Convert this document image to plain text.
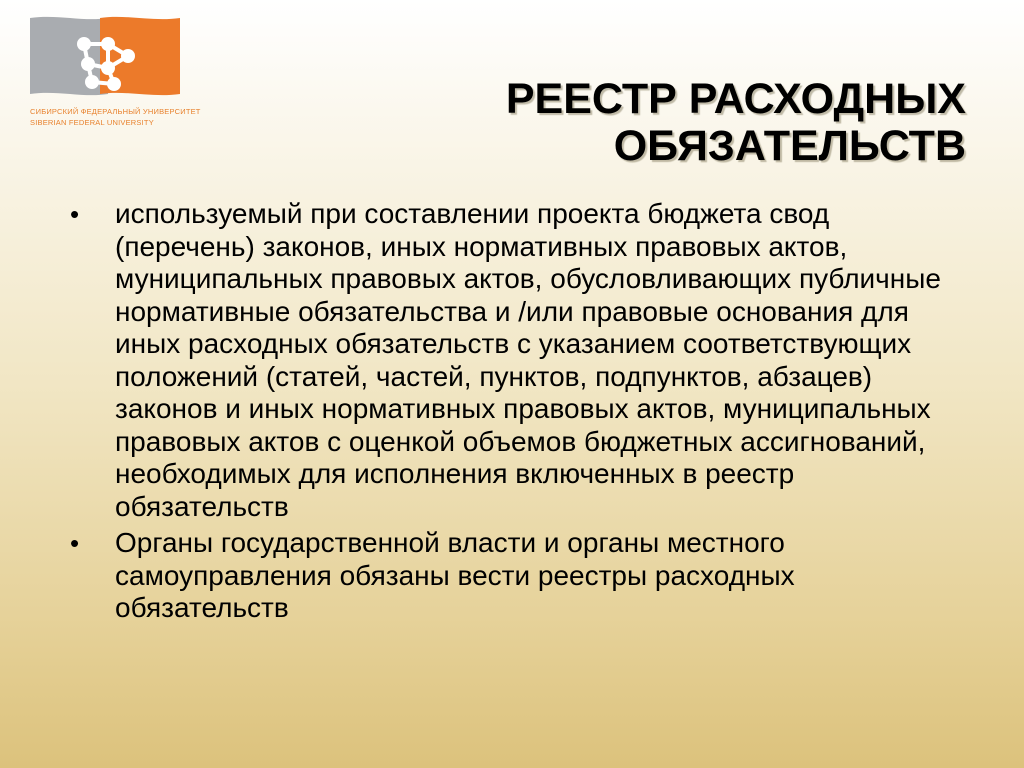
СИБИРСКИЙ ФЕДЕРАЛЬНЫЙ УНИВЕРСИТЕТ
SIBERIAN FEDERAL UNIVERSITY	РЕЕСТР РАСХОДНЫХ
ОБЯЗАТЕЛЬСТВ
•	используемый при составлении проекта бюджета свод (перечень) законов, иных нормативных правовых актов, муниципальных правовых актов, обусловливающих публичные нормативные обязательства и /или правовые основания для иных расходных обязательств с указанием соответствующих положений (статей, частей, пунктов, подпунктов, абзацев) законов и иных нормативных правовых актов, муниципальных правовых актов с оценкой объемов бюджетных ассигнований, необходимых для исполнения включенных в реестр обязательств
•	Органы государственной власти и органы местного самоуправления обязаны вести реестры расходных обязательств
